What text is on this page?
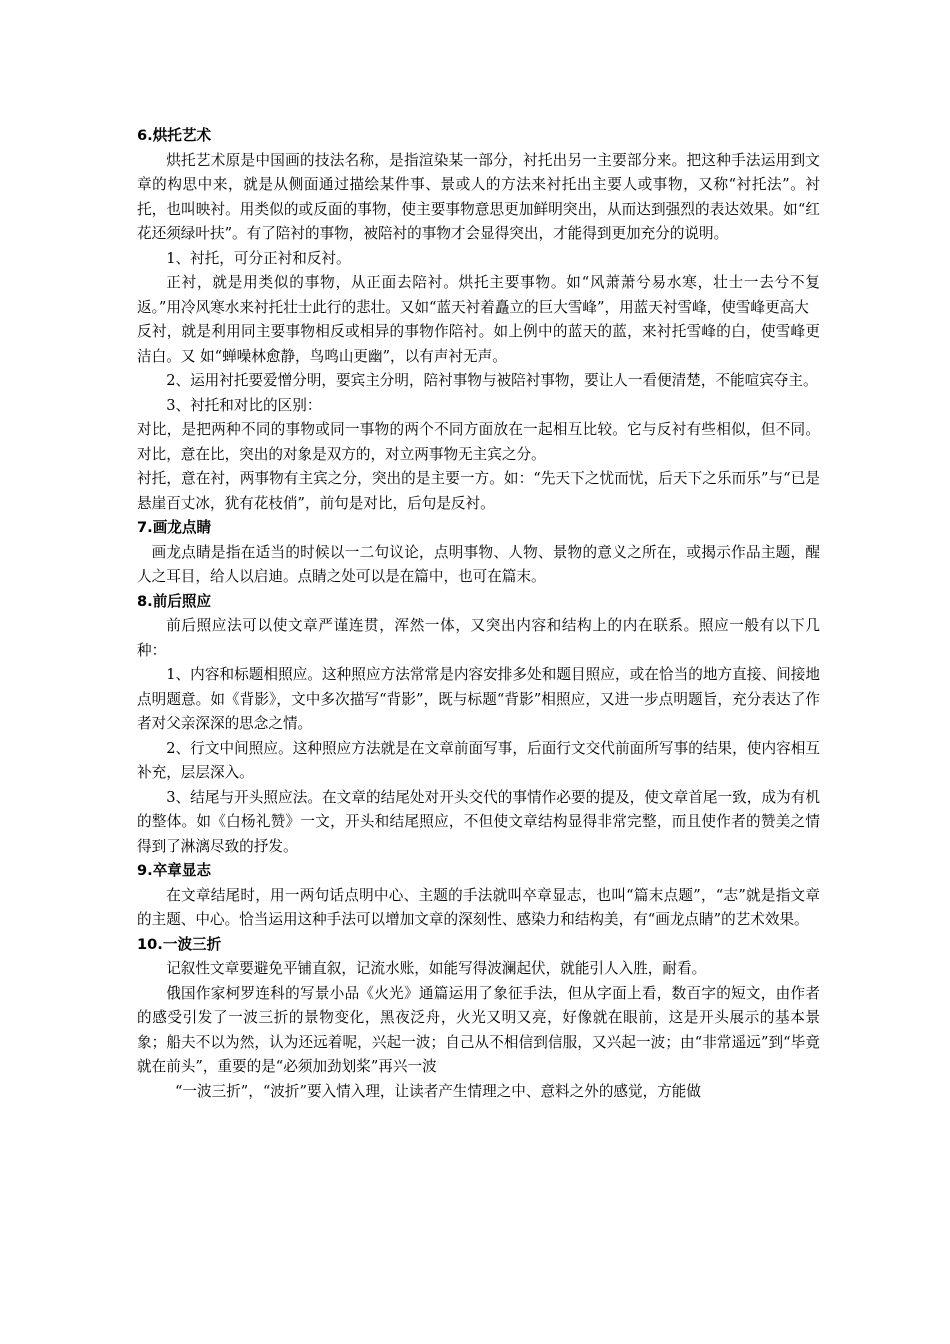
6.烘托艺术

烘托艺术原是中国画的技法名称，是指渲染某一部分，衬托出另一主要部分来。把这种手法运用到文章的构思中来，就是从侧面通过描绘某件事、景或人的方法来衬托出主要人或事物，又称“衬托法”。衬托，也叫映衬。用类似的或反面的事物，使主要事物意思更加鲜明突出，从而达到强烈的表达效果。如“红花还须绿叶扶”。有了陪衬的事物，被陪衬的事物才会显得突出，才能得到更加充分的说明。

1、衬托，可分正衬和反衬。

正衬，就是用类似的事物，从正面去陪衬。烘托主要事物。如“风萧萧兮易水寒，壮士一去兮不复返。”用冷风寒水来衬托壮士此行的悲壮。又如“蓝天衬着矗立的巨大雪峰”，用蓝天衬雪峰，使雪峰更高大

反衬，就是利用同主要事物相反或相异的事物作陪衬。如上例中的蓝天的蓝，来衬托雪峰的白，使雪峰更洁白。又 如“蝉噪林愈静，鸟鸣山更幽”，以有声衬无声。

2、运用衬托要爱憎分明，要宾主分明，陪衬事物与被陪衬事物，要让人一看便清楚，不能喧宾夺主。

3、衬托和对比的区别：

对比，是把两种不同的事物或同一事物的两个不同方面放在一起相互比较。它与反衬有些相似，但不同。对比，意在比，突出的对象是双方的，对立两事物无主宾之分。

衬托，意在衬，两事物有主宾之分，突出的是主要一方。如：“先天下之忧而忧，后天下之乐而乐”与“已是悬崖百丈冰，犹有花枝俏”，前句是对比，后句是反衬。

7.画龙点睛

画龙点睛是指在适当的时候以一二句议论，点明事物、人物、景物的意义之所在，或揭示作品主题，醒人之耳目，给人以启迪。点睛之处可以是在篇中，也可在篇末。

8.前后照应

前后照应法可以使文章严谨连贯，浑然一体，又突出内容和结构上的内在联系。照应一般有以下几种：

1、内容和标题相照应。这种照应方法常常是内容安排多处和题目照应，或在恰当的地方直接、间接地点明题意。如《背影》，文中多次描写“背影”，既与标题“背影”相照应，又进一步点明题旨，充分表达了作者对父亲深深的思念之情。

2、行文中间照应。这种照应方法就是在文章前面写事，后面行文交代前面所写事的结果，使内容相互补充，层层深入。

3、结尾与开头照应法。在文章的结尾处对开头交代的事情作必要的提及，使文章首尾一致，成为有机的整体。如《白杨礼赞》一文，开头和结尾照应，不但使文章结构显得非常完整，而且使作者的赞美之情得到了淋漓尽致的抒发。

9.卒章显志

在文章结尾时，用一两句话点明中心、主题的手法就叫卒章显志，也叫“篇末点题”，“志”就是指文章的主题、中心。恰当运用这种手法可以增加文章的深刻性、感染力和结构美，有“画龙点睛”的艺术效果。

10.一波三折

记叙性文章要避免平铺直叙，记流水账，如能写得波澜起伏，就能引人入胜，耐看。

俄国作家柯罗连科的写景小品《火光》通篇运用了象征手法，但从字面上看，数百字的短文，由作者的感受引发了一波三折的景物变化，黑夜泛舟，火光又明又亮，好像就在眼前，这是开头展示的基本景象；船夫不以为然，认为还远着呢，兴起一波；自己从不相信到信服，又兴起一波；由“非常遥远”到“毕竟就在前头”，重要的是“必须加劲划桨”再兴一波

“一波三折”，“波折”要入情入理，让读者产生情理之中、意料之外的感觉，方能做
